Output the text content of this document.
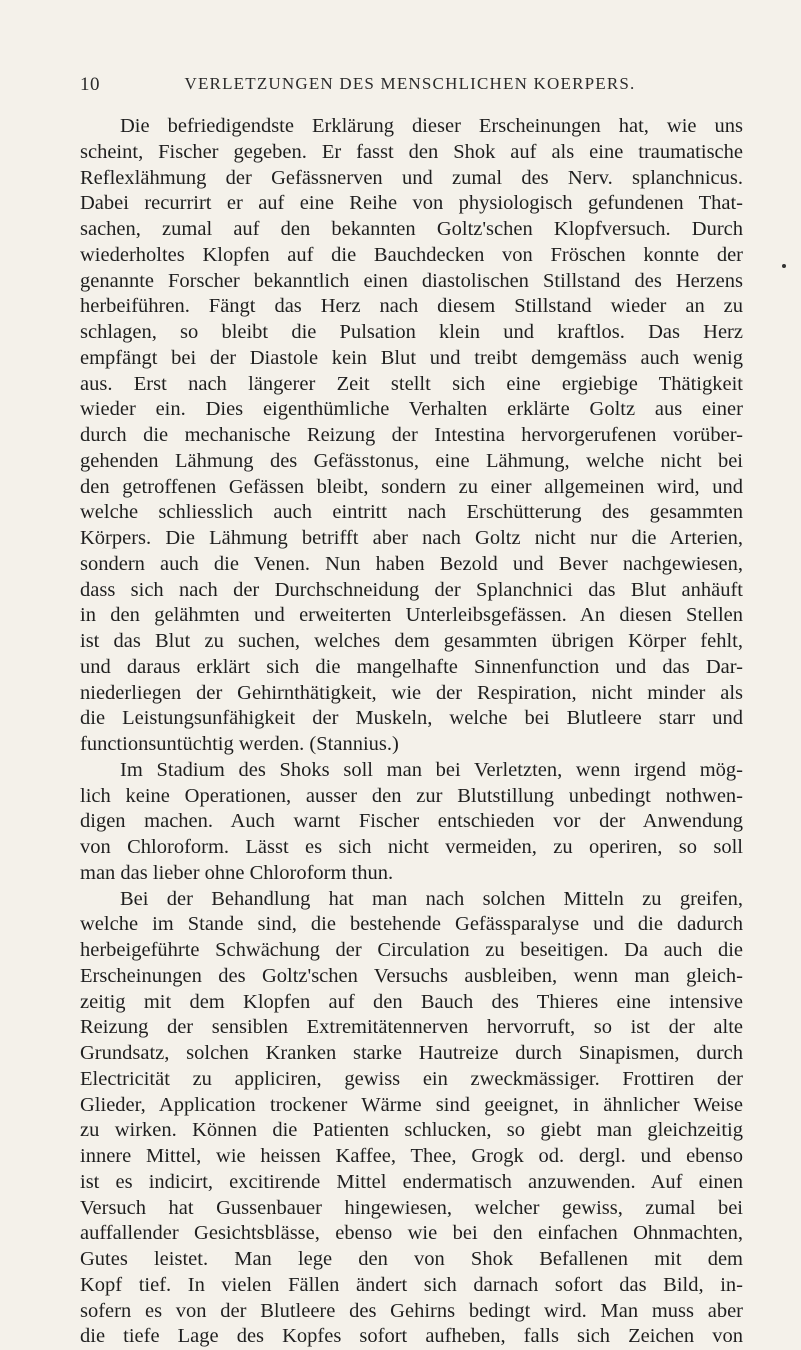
10	VERLETZUNGEN DES MENSCHLICHEN KOERPERS.
Die befriedigendste Erklärung dieser Erscheinungen hat, wie uns
scheint, Fischer gegeben. Er fasst den Shok auf als eine traumatische
Reflexlähmung der Gefässnerven und zumal des Nerv. splanchnicus.
Dabei recurrirt er auf eine Reihe von physiologisch gefundenen That-
sachen, zumal auf den bekannten Goltz'schen Klopfversuch. Durch
wiederholtes Klopfen auf die Bauchdecken von Fröschen konnte der
genannte Forscher bekanntlich einen diastolischen Stillstand des Herzens
herbeiführen. Fängt das Herz nach diesem Stillstand wieder an zu
schlagen, so bleibt die Pulsation klein und kraftlos. Das Herz
empfängt bei der Diastole kein Blut und treibt demgemäss auch wenig
aus. Erst nach längerer Zeit stellt sich eine ergiebige Thätigkeit
wieder ein. Dies eigenthümliche Verhalten erklärte Goltz aus einer
durch die mechanische Reizung der Intestina hervorgerufenen vorüber-
gehenden Lähmung des Gefässtonus, eine Lähmung, welche nicht bei
den getroffenen Gefässen bleibt, sondern zu einer allgemeinen wird, und
welche schliesslich auch eintritt nach Erschütterung des gesammten
Körpers. Die Lähmung betrifft aber nach Goltz nicht nur die Arterien,
sondern auch die Venen. Nun haben Bezold und Bever nachgewiesen,
dass sich nach der Durchschneidung der Splanchnici das Blut anhäuft
in den gelähmten und erweiterten Unterleibsgefässen. An diesen Stellen
ist das Blut zu suchen, welches dem gesammten übrigen Körper fehlt,
und daraus erklärt sich die mangelhafte Sinnenfunction und das Dar-
niederliegen der Gehirnthätigkeit, wie der Respiration, nicht minder als
die Leistungsunfähigkeit der Muskeln, welche bei Blutleere starr und
functionsuntüchtig werden. (Stannius.)
Im Stadium des Shoks soll man bei Verletzten, wenn irgend mög-
lich keine Operationen, ausser den zur Blutstillung unbedingt nothwen-
digen machen. Auch warnt Fischer entschieden vor der Anwendung
von Chloroform. Lässt es sich nicht vermeiden, zu operiren, so soll
man das lieber ohne Chloroform thun.
Bei der Behandlung hat man nach solchen Mitteln zu greifen,
welche im Stande sind, die bestehende Gefässparalyse und die dadurch
herbeigeführte Schwächung der Circulation zu beseitigen. Da auch die
Erscheinungen des Goltz'schen Versuchs ausbleiben, wenn man gleich-
zeitig mit dem Klopfen auf den Bauch des Thieres eine intensive
Reizung der sensiblen Extremitätennerven hervorruft, so ist der alte
Grundsatz, solchen Kranken starke Hautreize durch Sinapismen, durch
Electricität zu appliciren, gewiss ein zweckmässiger. Frottiren der
Glieder, Application trockener Wärme sind geeignet, in ähnlicher Weise
zu wirken. Können die Patienten schlucken, so giebt man gleichzeitig
innere Mittel, wie heissen Kaffee, Thee, Grogk od. dergl. und ebenso
ist es indicirt, excitirende Mittel endermatisch anzuwenden. Auf einen
Versuch hat Gussenbauer hingewiesen, welcher gewiss, zumal bei
auffallender Gesichtsblässe, ebenso wie bei den einfachen Ohnmachten,
Gutes leistet. Man lege den von Shok Befallenen mit dem
Kopf tief. In vielen Fällen ändert sich darnach sofort das Bild, in-
sofern es von der Blutleere des Gehirns bedingt wird. Man muss aber
die tiefe Lage des Kopfes sofort aufheben, falls sich Zeichen von
